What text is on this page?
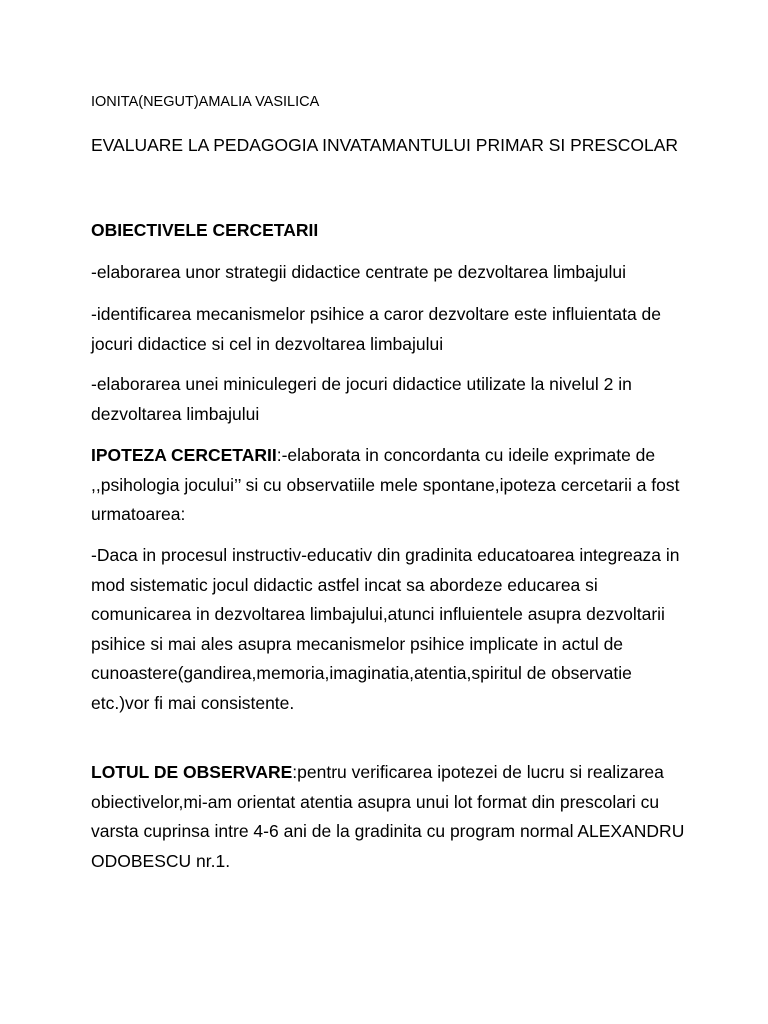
IONITA(NEGUT)AMALIA VASILICA

EVALUARE LA PEDAGOGIA INVATAMANTULUI PRIMAR SI PRESCOLAR

OBIECTIVELE CERCETARII

-elaborarea unor strategii didactice centrate pe dezvoltarea limbajului

-identificarea mecanismelor psihice a caror dezvoltare este influientata de jocuri didactice si cel in dezvoltarea limbajului

-elaborarea unei miniculegeri de jocuri didactice utilizate la nivelul 2 in dezvoltarea limbajului

IPOTEZA CERCETARII:-elaborata in concordanta cu ideile exprimate de ,,psihologia jocului’’ si cu observatiile mele spontane,ipoteza cercetarii a fost urmatoarea:

-Daca in procesul instructiv-educativ din gradinita educatoarea integreaza in mod sistematic jocul didactic astfel incat sa abordeze educarea si comunicarea in dezvoltarea limbajului,atunci influientele asupra dezvoltarii psihice si mai ales asupra mecanismelor psihice implicate in actul de cunoastere(gandirea,memoria,imaginatia,atentia,spiritul de observatie etc.)vor fi mai consistente.

LOTUL DE OBSERVARE:pentru verificarea ipotezei de lucru si realizarea obiectivelor,mi-am orientat atentia asupra unui lot format din prescolari cu varsta cuprinsa intre 4-6 ani de la gradinita cu program normal ALEXANDRU ODOBESCU nr.1.
